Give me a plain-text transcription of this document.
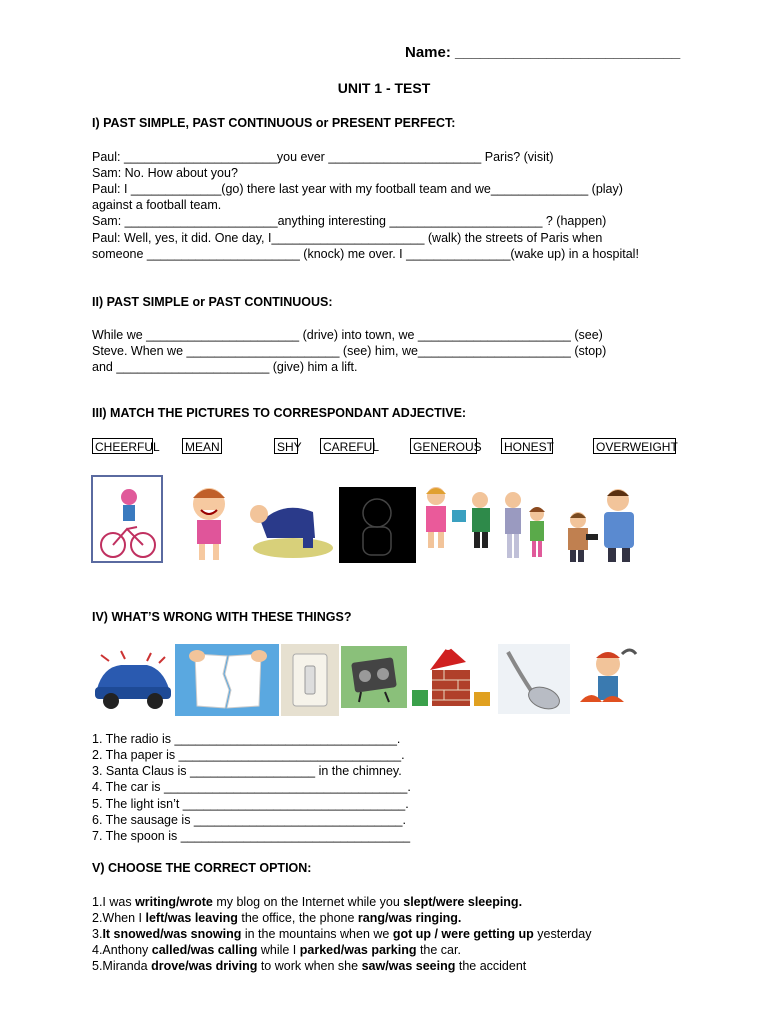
Name: ___________________________
UNIT 1 - TEST
I) PAST SIMPLE, PAST CONTINUOUS or PRESENT PERFECT:
Paul: ______________________you ever ______________________ Paris? (visit)
Sam: No. How about you?
Paul: I _____________(go) there last year with my football team and we______________ (play)
against a football team.
Sam: ______________________anything interesting ______________________ ? (happen)
Paul: Well, yes, it did. One day, I______________________ (walk) the streets of Paris when
someone ______________________ (knock) me over. I _______________(wake up) in a hospital!
II) PAST SIMPLE or PAST CONTINUOUS:
While we ______________________ (drive) into town, we ______________________ (see)
Steve. When we ______________________ (see) him, we______________________ (stop)
and ______________________ (give) him a lift.
III) MATCH THE PICTURES TO CORRESPONDANT ADJECTIVE:
CHEERFUL MEAN	SHY CAREFUL	GENEROUS HONEST	OVERWEIGHT
IV) WHAT’S WRONG WITH THESE THINGS?
1. The radio is ________________________________.
2. Tha paper is ________________________________.
3. Santa Claus is __________________ in the chimney.
4. The car is ___________________________________.
5. The light isn’t ________________________________.
6. The sausage is ______________________________.
7. The spoon is _________________________________
V) CHOOSE THE CORRECT OPTION:
1.I was writing/wrote my blog on the Internet while you slept/were sleeping.
2.When I left/was leaving the office, the phone rang/was ringing.
3.It snowed/was snowing in the mountains when we got up / were getting up yesterday
4.Anthony called/was calling while I parked/was parking the car.
5.Miranda drove/was driving to work when she saw/was seeing the accident
